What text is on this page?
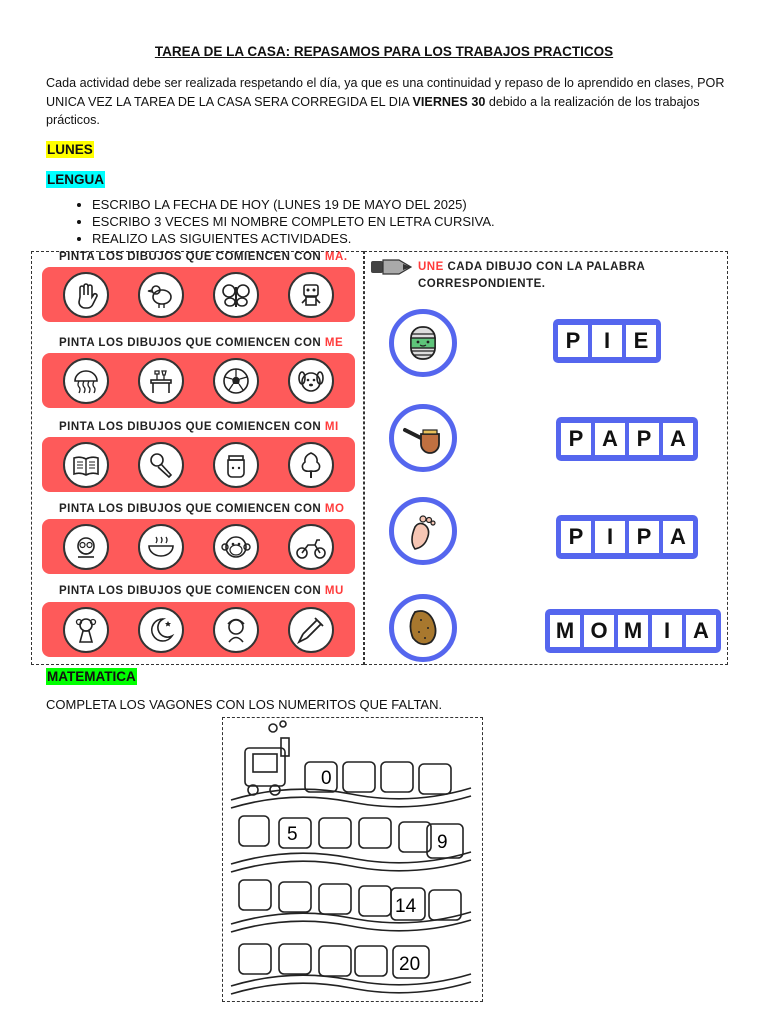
TAREA DE LA CASA: REPASAMOS PARA LOS TRABAJOS PRACTICOS
Cada actividad debe ser realizada respetando el día, ya que es una continuidad y repaso de lo aprendido en clases, POR UNICA VEZ LA TAREA DE LA CASA SERA CORREGIDA EL DIA VIERNES 30 debido a la realización de los trabajos prácticos.
LUNES
LENGUA
• ESCRIBO LA FECHA DE HOY (LUNES 19 DE MAYO DEL 2025)
• ESCRIBO 3 VECES MI NOMBRE COMPLETO EN LETRA CURSIVA.
• REALIZO LAS SIGUIENTES ACTIVIDADES.
PINTA LOS DIBUJOS QUE COMIENCEN CON MA.
PINTA LOS DIBUJOS QUE COMIENCEN CON ME
PINTA LOS DIBUJOS QUE COMIENCEN CON MI
PINTA LOS DIBUJOS QUE COMIENCEN CON MO
PINTA LOS DIBUJOS QUE COMIENCEN CON MU
UNE CADA DIBUJO CON LA PALABRA
CORRESPONDIENTE.
P	I	E
P A P A
P	I	P A
M O M I	A
MATEMATICA
COMPLETA LOS VAGONES CON LOS NUMERITOS QUE FALTAN.
0
5	9
14
20
